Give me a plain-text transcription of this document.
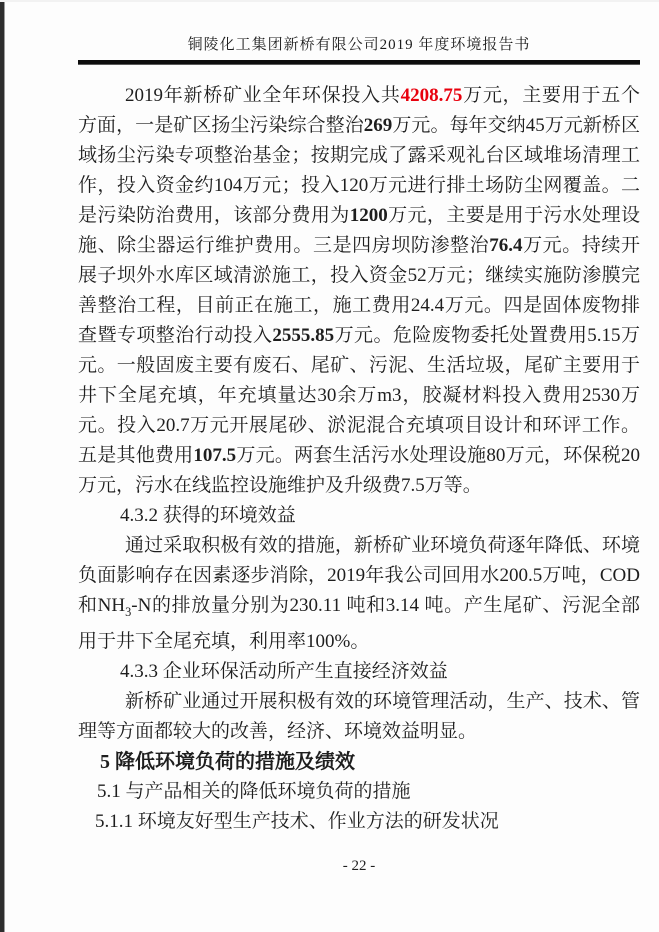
铜陵化工集团新桥有限公司2019 年度环境报告书

2019年新桥矿业全年环保投入共4208.75万元，主要用于五个方面，一是矿区扬尘污染综合整治269万元。每年交纳45万元新桥区域扬尘污染专项整治基金；按期完成了露采观礼台区域堆场清理工作，投入资金约104万元；投入120万元进行排土场防尘网覆盖。二是污染防治费用，该部分费用为1200万元，主要是用于污水处理设施、除尘器运行维护费用。三是四房坝防渗整治76.4万元。持续开展子坝外水库区域清淤施工，投入资金52万元；继续实施防渗膜完善整治工程，目前正在施工，施工费用24.4万元。四是固体废物排查暨专项整治行动投入2555.85万元。危险废物委托处置费用5.15万元。一般固废主要有废石、尾矿、污泥、生活垃圾，尾矿主要用于井下全尾充填，年充填量达30余万m3，胶凝材料投入费用2530万元。投入20.7万元开展尾砂、淤泥混合充填项目设计和环评工作。五是其他费用107.5万元。两套生活污水处理设施80万元，环保税20万元，污水在线监控设施维护及升级费7.5万等。

4.3.2 获得的环境效益

通过采取积极有效的措施，新桥矿业环境负荷逐年降低、环境负面影响存在因素逐步消除，2019年我公司回用水200.5万吨，COD和$NH_3-N$的排放量分别为230.11 吨和3.14 吨。产生尾矿、污泥全部用于井下全尾充填，利用率100%。

4.3.3 企业环保活动所产生直接经济效益

新桥矿业通过开展积极有效的环境管理活动，生产、技术、管理等方面都较大的改善，经济、环境效益明显。

5 降低环境负荷的措施及绩效
5.1 与产品相关的降低环境负荷的措施
5.1.1 环境友好型生产技术、作业方法的研发状况
- 22 -
